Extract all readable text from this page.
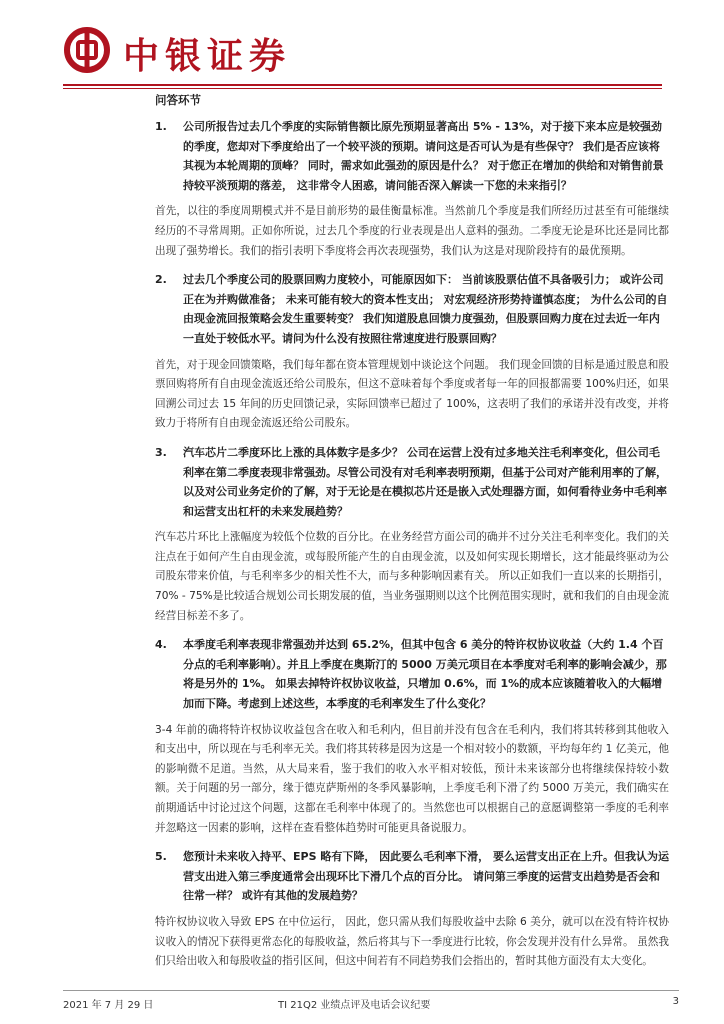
中银证券
问答环节
1.	公司所报告过去几个季度的实际销售额比原先预期显著高出 5% - 13%，对于接下来本应是较强劲的季度，您却对下季度给出了一个较平淡的预期。请问这是否可认为是有些保守？ 我们是否应该将其视为本轮周期的顶峰？ 同时，需求如此强劲的原因是什么？ 对于您正在增加的供给和对销售前景持较平淡预期的落差， 这非常令人困惑，请问能否深入解读一下您的未来指引？

首先，以往的季度周期模式并不是目前形势的最佳衡量标准。当然前几个季度是我们所经历过甚至有可能继续经历的不寻常周期。正如你所说，过去几个季度的行业表现是出人意料的强劲。二季度无论是环比还是同比都出现了强势增长。我们的指引表明下季度将会再次表现强势，我们认为这是对现阶段持有的最优预期。

2.	过去几个季度公司的股票回购力度较小，可能原因如下： 当前该股票估值不具备吸引力； 或许公司正在为并购做准备； 未来可能有较大的资本性支出； 对宏观经济形势持谨慎态度； 为什么公司的自由现金流回报策略会发生重要转变？ 我们知道股息回馈力度强劲，但股票回购力度在过去近一年内一直处于较低水平。请问为什么没有按照往常速度进行股票回购？

首先，对于现金回馈策略，我们每年都在资本管理规划中谈论这个问题。 我们现金回馈的目标是通过股息和股票回购将所有自由现金流返还给公司股东，但这不意味着每个季度或者每一年的回报都需要 100%归还，如果回溯公司过去 15 年间的历史回馈记录，实际回馈率已超过了 100%，这表明了我们的承诺并没有改变，并将致力于将所有自由现金流返还给公司股东。

3.	汽车芯片二季度环比上涨的具体数字是多少？ 公司在运营上没有过多地关注毛利率变化，但公司毛利率在第二季度表现非常强劲。尽管公司没有对毛利率表明预期，但基于公司对产能利用率的了解，以及对公司业务定价的了解，对于无论是在模拟芯片还是嵌入式处理器方面，如何看待业务中毛利率和运营支出杠杆的未来发展趋势？

汽车芯片环比上涨幅度为较低个位数的百分比。在业务经营方面公司的确并不过分关注毛利率变化。我们的关注点在于如何产生自由现金流，或每股所能产生的自由现金流，以及如何实现长期增长，这才能最终驱动为公司股东带来价值，与毛利率多少的相关性不大，而与多种影响因素有关。 所以正如我们一直以来的长期指引，70% - 75%是比较适合规划公司长期发展的值，当业务强期则以这个比例范围实现时，就和我们的自由现金流经营目标差不多了。

4.	本季度毛利率表现非常强劲并达到 65.2%，但其中包含 6 美分的特许权协议收益（大约 1.4 个百分点的毛利率影响）。并且上季度在奥斯汀的 5000 万美元项目在本季度对毛利率的影响会减少，那将是另外的 1%。 如果去掉特许权协议收益，只增加 0.6%，而 1%的成本应该随着收入的大幅增加而下降。考虑到上述这些，本季度的毛利率发生了什么变化？

3-4 年前的确将特许权协议收益包含在收入和毛利内，但目前并没有包含在毛利内，我们将其转移到其他收入和支出中，所以现在与毛利率无关。我们将其转移是因为这是一个相对较小的数额，平均每年约 1 亿美元，他的影响微不足道。当然，从大局来看，鉴于我们的收入水平相对较低，预计未来该部分也将继续保持较小数额。关于问题的另一部分，缘于德克萨斯州的冬季风暴影响，上季度毛利下滑了约 5000 万美元，我们确实在前期通话中讨论过这个问题，这都在毛利率中体现了的。当然您也可以根据自己的意愿调整第一季度的毛利率并忽略这一因素的影响，这样在查看整体趋势时可能更具备说服力。

5.	您预计未来收入持平、EPS 略有下降， 因此要么毛利率下滑， 要么运营支出正在上升。但我认为运营支出进入第三季度通常会出现环比下滑几个点的百分比。 请问第三季度的运营支出趋势是否会和往常一样？ 或许有其他的发展趋势？

特许权协议收入导致 EPS 在中位运行， 因此，您只需从我们每股收益中去除 6 美分，就可以在没有特许权协议收入的情况下获得更常态化的每股收益，然后将其与下一季度进行比较，你会发现并没有什么异常。 虽然我们只给出收入和每股收益的指引区间，但这中间若有不同趋势我们会指出的，暂时其他方面没有太大变化。

2021 年 7 月 29 日	TI 21Q2 业绩点评及电话会议纪要	3
